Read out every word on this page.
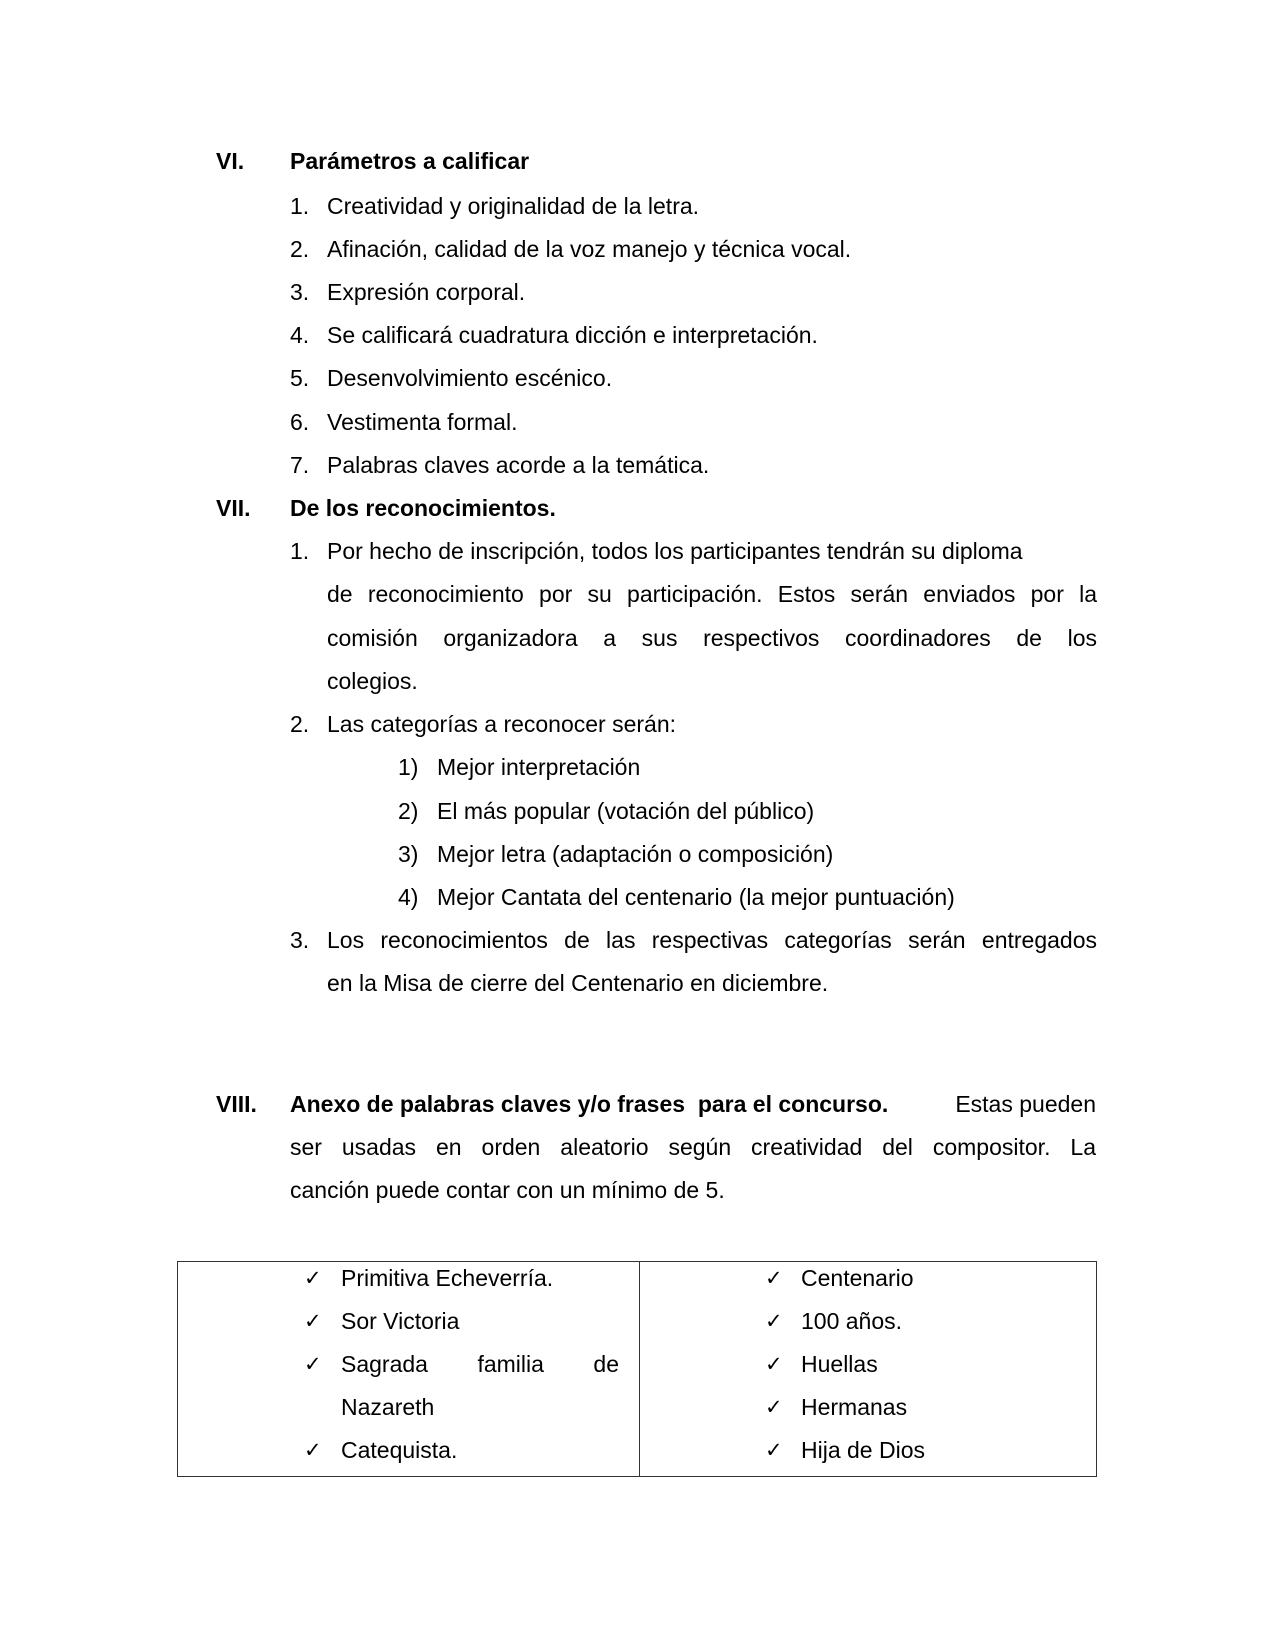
VI. Parámetros a calificar
1. Creatividad y originalidad de la letra.
2. Afinación, calidad de la voz manejo y técnica vocal.
3. Expresión corporal.
4. Se calificará cuadratura dicción e interpretación.
5. Desenvolvimiento escénico.
6. Vestimenta formal.
7. Palabras claves acorde a la temática.
VII. De los reconocimientos.
1. Por hecho de inscripción, todos los participantes tendrán su diploma
de reconocimiento por su participación. Estos serán enviados por la
comisión organizadora a sus respectivos coordinadores de los
colegios.
2. Las categorías a reconocer serán:
1) Mejor interpretación
2) El más popular (votación del público)
3) Mejor letra (adaptación o composición)
4) Mejor Cantata del centenario (la mejor puntuación)
3. Los reconocimientos de las respectivas categorías serán entregados
en la Misa de cierre del Centenario en diciembre.
VIII. Anexo de palabras claves y/o frases  para el concurso.	Estas pueden
ser usadas en orden aleatorio según creatividad del compositor. La
canción puede contar con un mínimo de 5.
✓ Primitiva Echeverría.
✓ Sor Victoria
✓ Sagrada familia de
Nazareth
✓ Catequista.
✓ Centenario
✓ 100 años.
✓ Huellas
✓ Hermanas
✓ Hija de Dios
